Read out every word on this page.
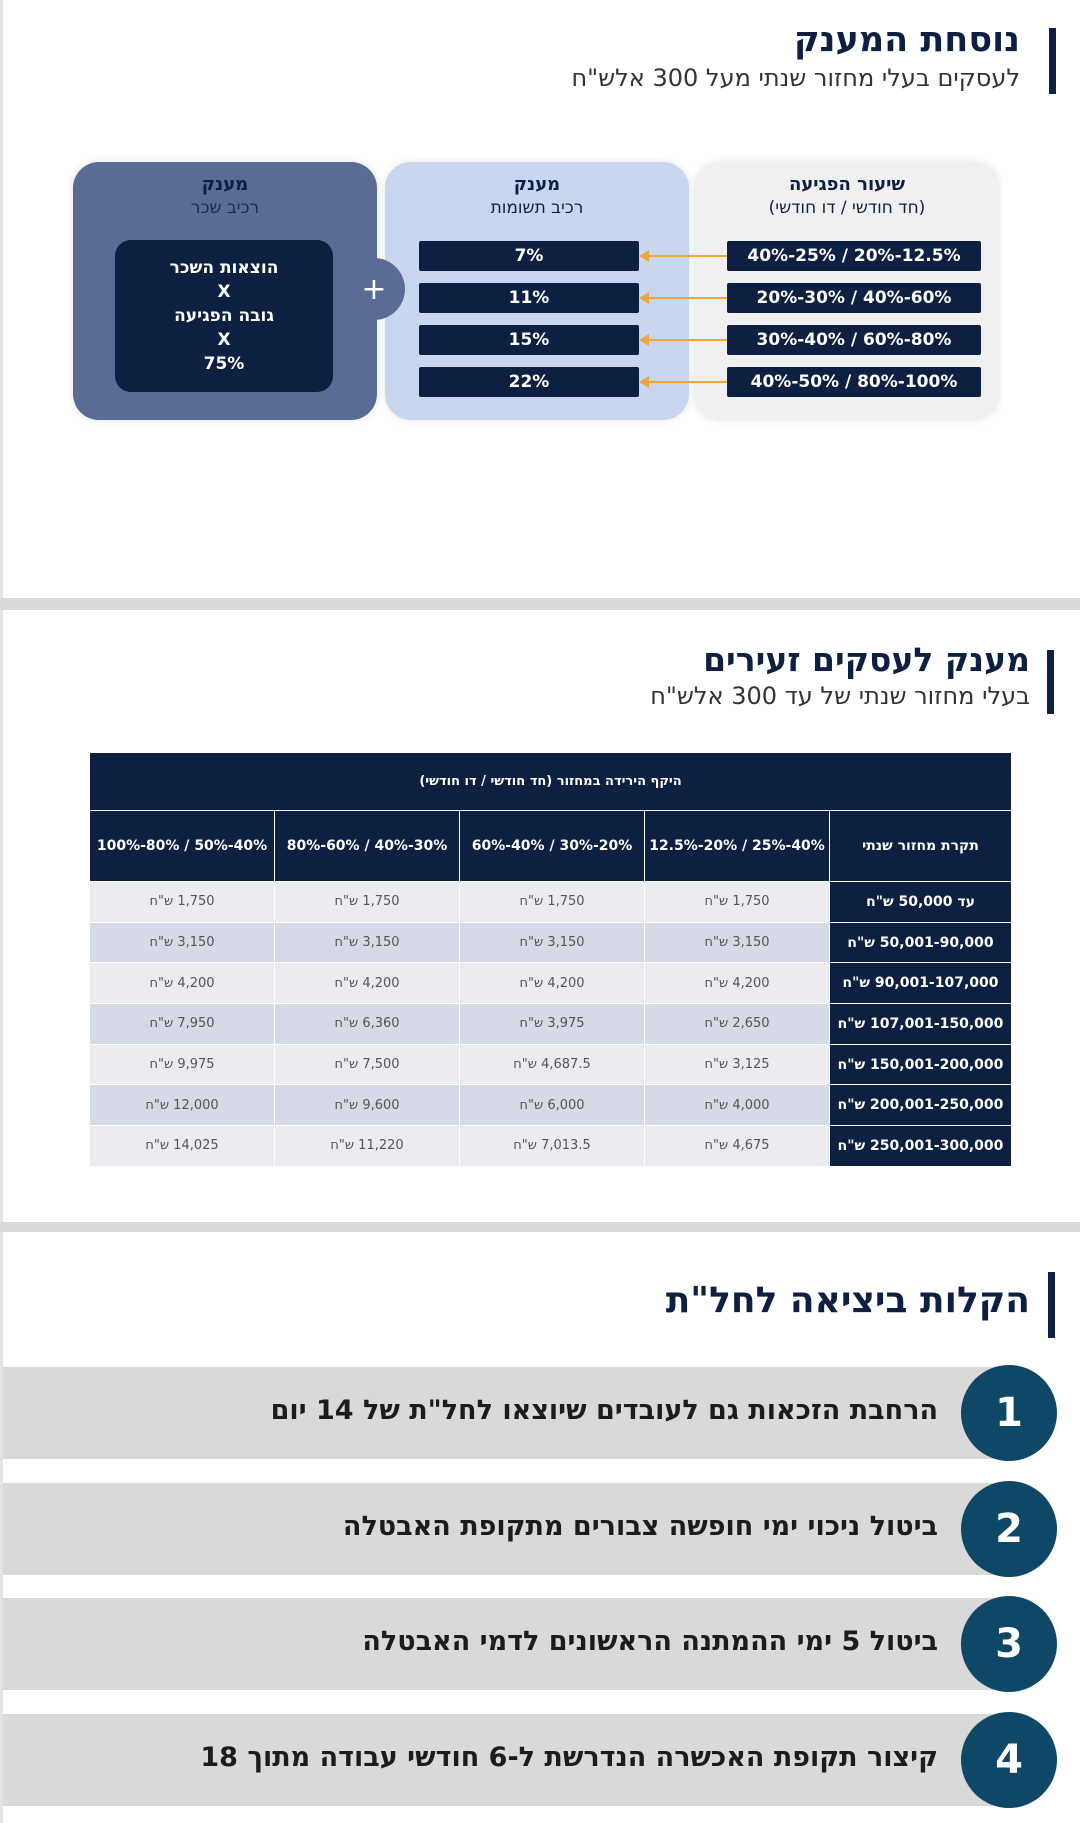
נוסחת המענק
לעסקים בעלי מחזור שנתי מעל 300 אלש"ח
שיעור הפגיעה
(חד חודשי / דו חודשי)
מענק
רכיב תשומות
מענק
רכיב שכר
40%-25% / 20%-12.5%
20%-30% / 40%-60%
30%-40% / 60%-80%
40%-50% / 80%-100%
7%
11%
15%
22%
+
הוצאות השכר
X
גובה הפגיעה
X
75%
מענק לעסקים זעירים
בעלי מחזור שנתי של עד 300 אלש"ח
היקף הירידה במחזור (חד חודשי / דו חודשי)				
תקרת מחזור שנתי	40%-25% / 20%-12.5%	20%-30% / 40%-60%	30%-40% / 60%-80%	40%-50% / 80%-100%
עד 50,000 ש"ח	1,750 ש"ח	1,750 ש"ח	1,750 ש"ח	1,750 ש"ח
50,001-90,000 ש"ח	3,150 ש"ח	3,150 ש"ח	3,150 ש"ח	3,150 ש"ח
90,001-107,000 ש"ח	4,200 ש"ח	4,200 ש"ח	4,200 ש"ח	4,200 ש"ח
107,001-150,000 ש"ח	2,650 ש"ח	3,975 ש"ח	6,360 ש"ח	7,950 ש"ח
150,001-200,000 ש"ח	3,125 ש"ח	4,687.5 ש"ח	7,500 ש"ח	9,975 ש"ח
200,001-250,000 ש"ח	4,000 ש"ח	6,000 ש"ח	9,600 ש"ח	12,000 ש"ח
250,001-300,000 ש"ח	4,675 ש"ח	7,013.5 ש"ח	11,220 ש"ח	14,025 ש"ח
הקלות ביציאה לחל"ת
הרחבת הזכאות גם לעובדים שיוצאו לחל"ת של 14 יום	1
ביטול ניכוי ימי חופשה צבורים מתקופת האבטלה	2
ביטול 5 ימי ההמתנה הראשונים לדמי האבטלה	3
קיצור תקופת האכשרה הנדרשת ל-6 חודשי עבודה מתוך 18	4
